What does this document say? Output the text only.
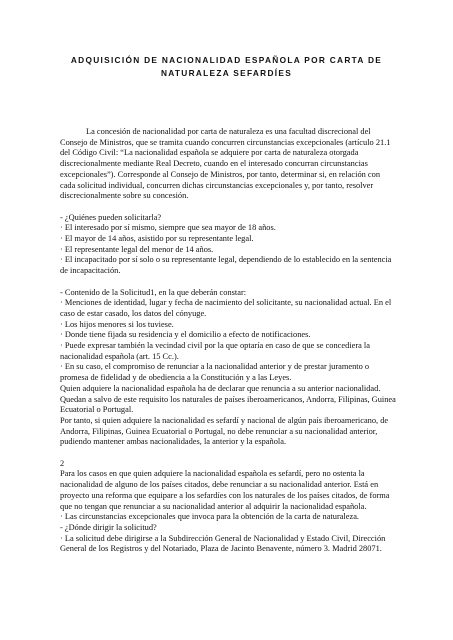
ADQUISICIÓN DE NACIONALIDAD ESPAÑOLA POR CARTA DE
NATURALEZA SEFARDÍES

La concesión de nacionalidad por carta de naturaleza es una facultad discrecional del Consejo de Ministros, que se tramita cuando concurren circunstancias excepcionales (artículo 21.1 del Código Civil: “La nacionalidad española se adquiere por carta de naturaleza otorgada discrecionalmente mediante Real Decreto, cuando en el interesado concurran circunstancias excepcionales”). Corresponde al Consejo de Ministros, por tanto, determinar si, en relación con cada solicitud individual, concurren dichas circunstancias excepcionales y, por tanto, resolver discrecionalmente sobre su concesión.

- ¿Quiénes pueden solicitarla?

· El interesado por sí mismo, siempre que sea mayor de 18 años.

· El mayor de 14 años, asistido por su representante legal.

· El representante legal del menor de 14 años.

· El incapacitado por sí solo o su representante legal, dependiendo de lo establecido en la sentencia de incapacitación.

- Contenido de la Solicitud1, en la que deberán constar:

· Menciones de identidad, lugar y fecha de nacimiento del solicitante, su nacionalidad actual. En el caso de estar casado, los datos del cónyuge.

· Los hijos menores si los tuviese.

· Donde tiene fijada su residencia y el domicilio a efecto de notificaciones.

· Puede expresar también la vecindad civil por la que optaría en caso de que se concediera la nacionalidad española (art. 15 Cc.).

· En su caso, el compromiso de renunciar a la nacionalidad anterior y de prestar juramento o promesa de fidelidad y de obediencia a la Constitución y a las Leyes.

Quien adquiere la nacionalidad española ha de declarar que renuncia a su anterior nacionalidad. Quedan a salvo de este requisito los naturales de países iberoamericanos, Andorra, Filipinas, Guinea Ecuatorial o Portugal.

Por tanto, si quien adquiere la nacionalidad es sefardí y nacional de algún país iberoamericano, de Andorra, Filipinas, Guinea Ecuatorial o Portugal, no debe renunciar a su nacionalidad anterior, pudiendo mantener ambas nacionalidades, la anterior y la española.

2

Para los casos en que quien adquiere la nacionalidad española es sefardí, pero no ostenta la nacionalidad de alguno de los países citados, debe renunciar a su nacionalidad anterior. Está en proyecto una reforma que equipare a los sefardíes con los naturales de los países citados, de forma que no tengan que renunciar a su nacionalidad anterior al adquirir la nacionalidad española.

· Las circunstancias excepcionales que invoca para la obtención de la carta de naturaleza.

- ¿Dónde dirigir la solicitud?

· La solicitud debe dirigirse a la Subdirección General de Nacionalidad y Estado Civil, Dirección General de los Registros y del Notariado, Plaza de Jacinto Benavente, número 3. Madrid 28071.
